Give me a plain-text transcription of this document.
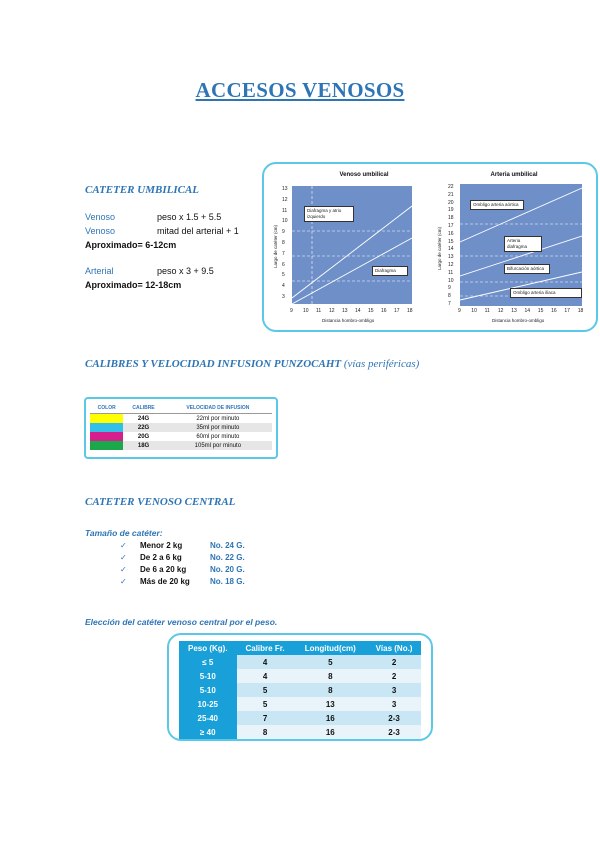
ACCESOS VENOSOS
CATETER UMBILICAL
Venoso	peso x 1.5 + 5.5
Venoso	mitad del arterial + 1
Aproximado= 6-12cm
Arterial	peso x 3 + 9.5
Aproximado= 12-18cm
Venoso umbilical
Largo de catéter (cm)
Diafragma y atrio izquierdo
Diafragma
Distancia hombro-ombligo
9 10 11 12 13 14 15 16 17 18
13
12
11
10
9
8
7
6
5
4
3
Arteria umbilical
Largo de catéter (cm)
Ombligo arteria aórtica
Arteria diafragma
Bifurcación aórtica
Ombligo arteria ilíaca
Distancia hombro-ombligo
9 10 11 12 13 14 15 16 17 18
22
21
20
19
18
17
16
15
14
13
12
11
10
9
8
7
CALIBRES Y VELOCIDAD INFUSION PUNZOCAHT (vías periféricas)
COLOR	CALIBRE	VELOCIDAD DE INFUSION
	24G	22ml por minuto
	22G	35ml por minuto
	20G	60ml por minuto
	18G	105ml por minuto
CATETER VENOSO CENTRAL
Tamaño de catéter:
✓ Menor 2 kg	No. 24 G.
✓ De 2 a 6 kg	No. 22 G.
✓ De 6 a 20 kg	No. 20 G.
✓ Más de 20 kg	No. 18 G.
Elección del catéter venoso central por el peso.
Peso (Kg).	Calibre Fr.	Longitud(cm)	Vías (No.)
≤ 5	4	5	2
5-10	4	8	2
5-10	5	8	3
10-25	5	13	3
25-40	7	16	2-3
≥ 40	8	16	2-3
